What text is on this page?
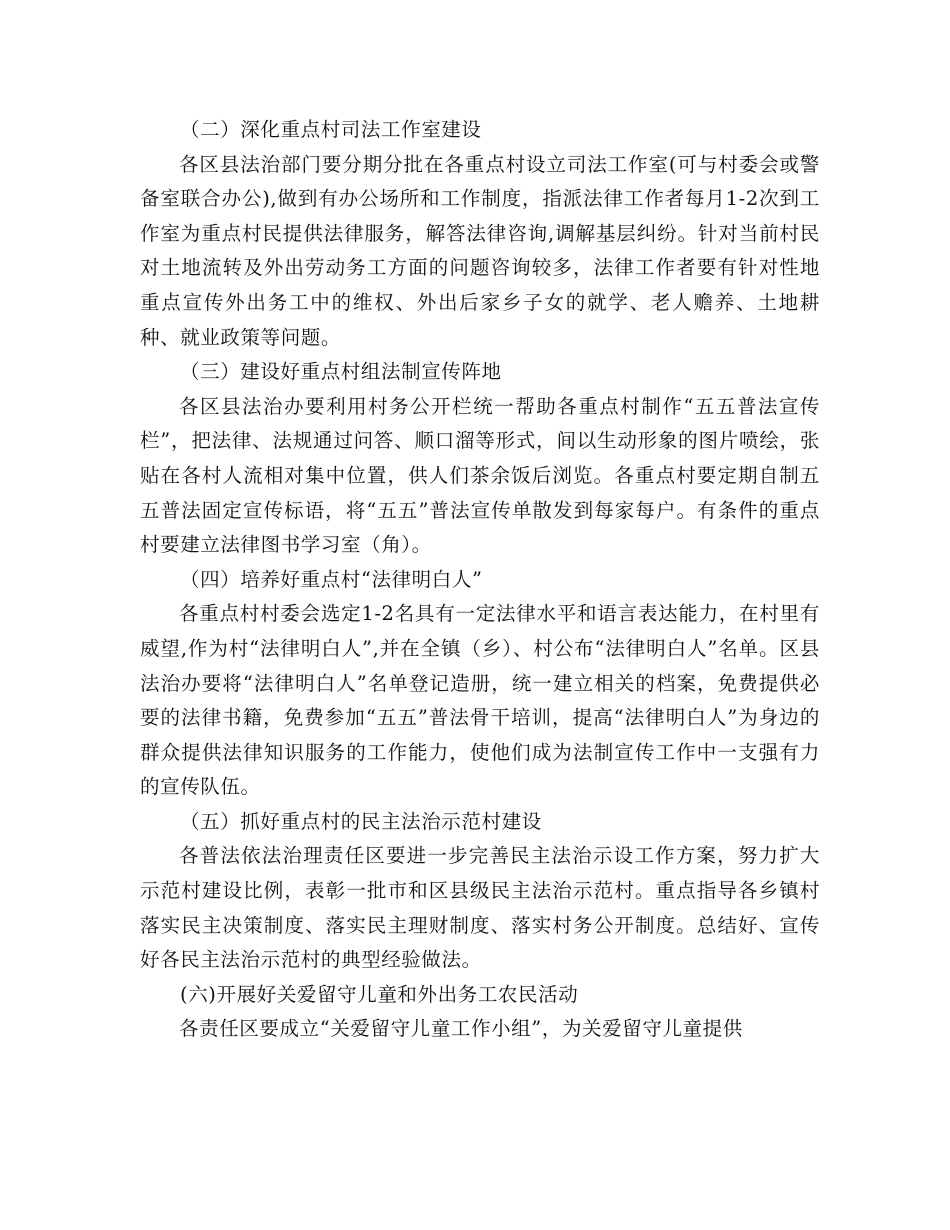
（二）深化重点村司法工作室建设

各区县法治部门要分期分批在各重点村设立司法工作室(可与村委会或警备室联合办公),做到有办公场所和工作制度，指派法律工作者每月1-2次到工作室为重点村民提供法律服务，解答法律咨询,调解基层纠纷。针对当前村民对土地流转及外出劳动务工方面的问题咨询较多，法律工作者要有针对性地重点宣传外出务工中的维权、外出后家乡子女的就学、老人赡养、土地耕种、就业政策等问题。

（三）建设好重点村组法制宣传阵地

各区县法治办要利用村务公开栏统一帮助各重点村制作“五五普法宣传栏”，把法律、法规通过问答、顺口溜等形式，间以生动形象的图片喷绘，张贴在各村人流相对集中位置，供人们茶余饭后浏览。各重点村要定期自制五五普法固定宣传标语，将“五五”普法宣传单散发到每家每户。有条件的重点村要建立法律图书学习室（角）。

（四）培养好重点村“法律明白人”

各重点村村委会选定1-2名具有一定法律水平和语言表达能力，在村里有威望,作为村“法律明白人”,并在全镇（乡）、村公布“法律明白人”名单。区县法治办要将“法律明白人”名单登记造册，统一建立相关的档案，免费提供必要的法律书籍，免费参加“五五”普法骨干培训，提高“法律明白人”为身边的群众提供法律知识服务的工作能力，使他们成为法制宣传工作中一支强有力的宣传队伍。

（五）抓好重点村的民主法治示范村建设

各普法依法治理责任区要进一步完善民主法治示设工作方案，努力扩大示范村建设比例，表彰一批市和区县级民主法治示范村。重点指导各乡镇村落实民主决策制度、落实民主理财制度、落实村务公开制度。总结好、宣传好各民主法治示范村的典型经验做法。

(六)开展好关爱留守儿童和外出务工农民活动

各责任区要成立“关爱留守儿童工作小组”，为关爱留守儿童提供
